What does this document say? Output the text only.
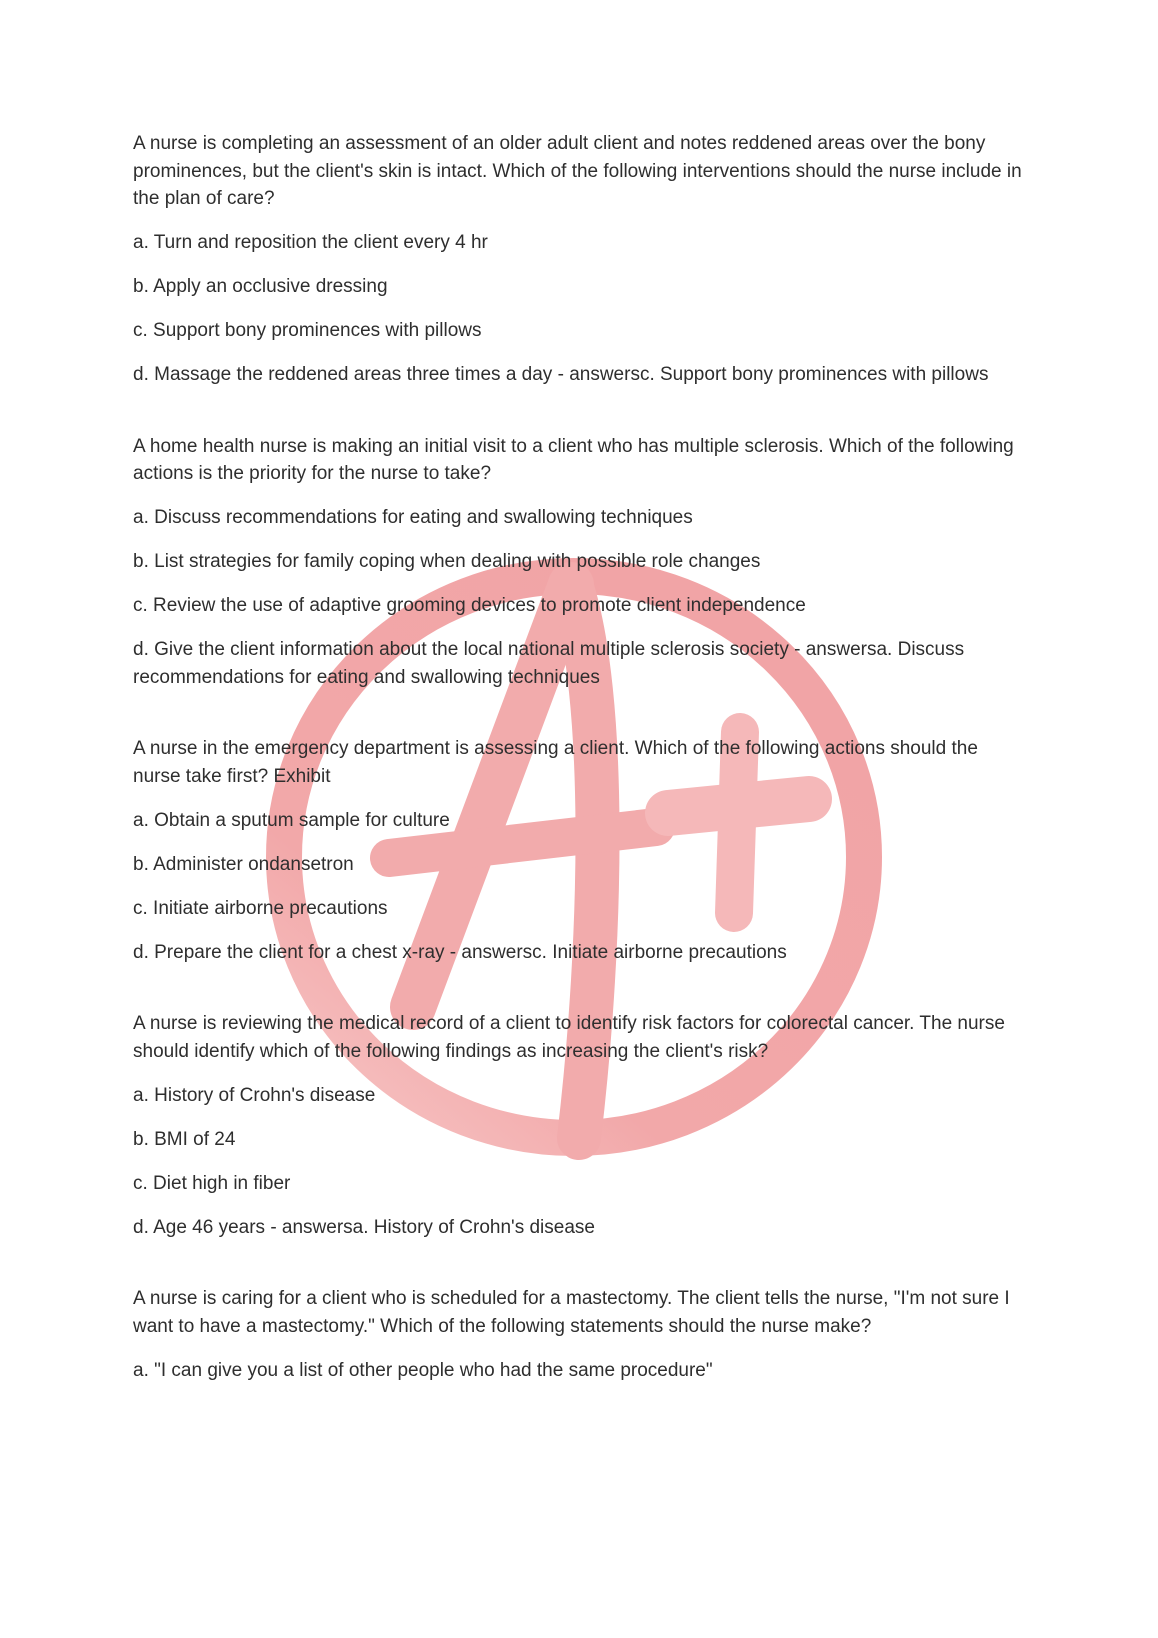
A nurse is completing an assessment of an older adult client and notes reddened areas over the bony prominences, but the client's skin is intact. Which of the following interventions should the nurse include in the plan of care?

a. Turn and reposition the client every 4 hr

b. Apply an occlusive dressing

c. Support bony prominences with pillows

d. Massage the reddened areas three times a day - answersc. Support bony prominences with pillows

A home health nurse is making an initial visit to a client who has multiple sclerosis. Which of the following actions is the priority for the nurse to take?

a. Discuss recommendations for eating and swallowing techniques

b. List strategies for family coping when dealing with possible role changes

c. Review the use of adaptive grooming devices to promote client independence

d. Give the client information about the local national multiple sclerosis society - answersa. Discuss recommendations for eating and swallowing techniques

A nurse in the emergency department is assessing a client. Which of the following actions should the nurse take first? Exhibit

a. Obtain a sputum sample for culture

b. Administer ondansetron

c. Initiate airborne precautions

d. Prepare the client for a chest x-ray - answersc. Initiate airborne precautions

A nurse is reviewing the medical record of a client to identify risk factors for colorectal cancer. The nurse should identify which of the following findings as increasing the client's risk?

a. History of Crohn's disease

b. BMI of 24

c. Diet high in fiber

d. Age 46 years - answersa. History of Crohn's disease

A nurse is caring for a client who is scheduled for a mastectomy. The client tells the nurse, "I'm not sure I want to have a mastectomy." Which of the following statements should the nurse make?

a. "I can give you a list of other people who had the same procedure"
